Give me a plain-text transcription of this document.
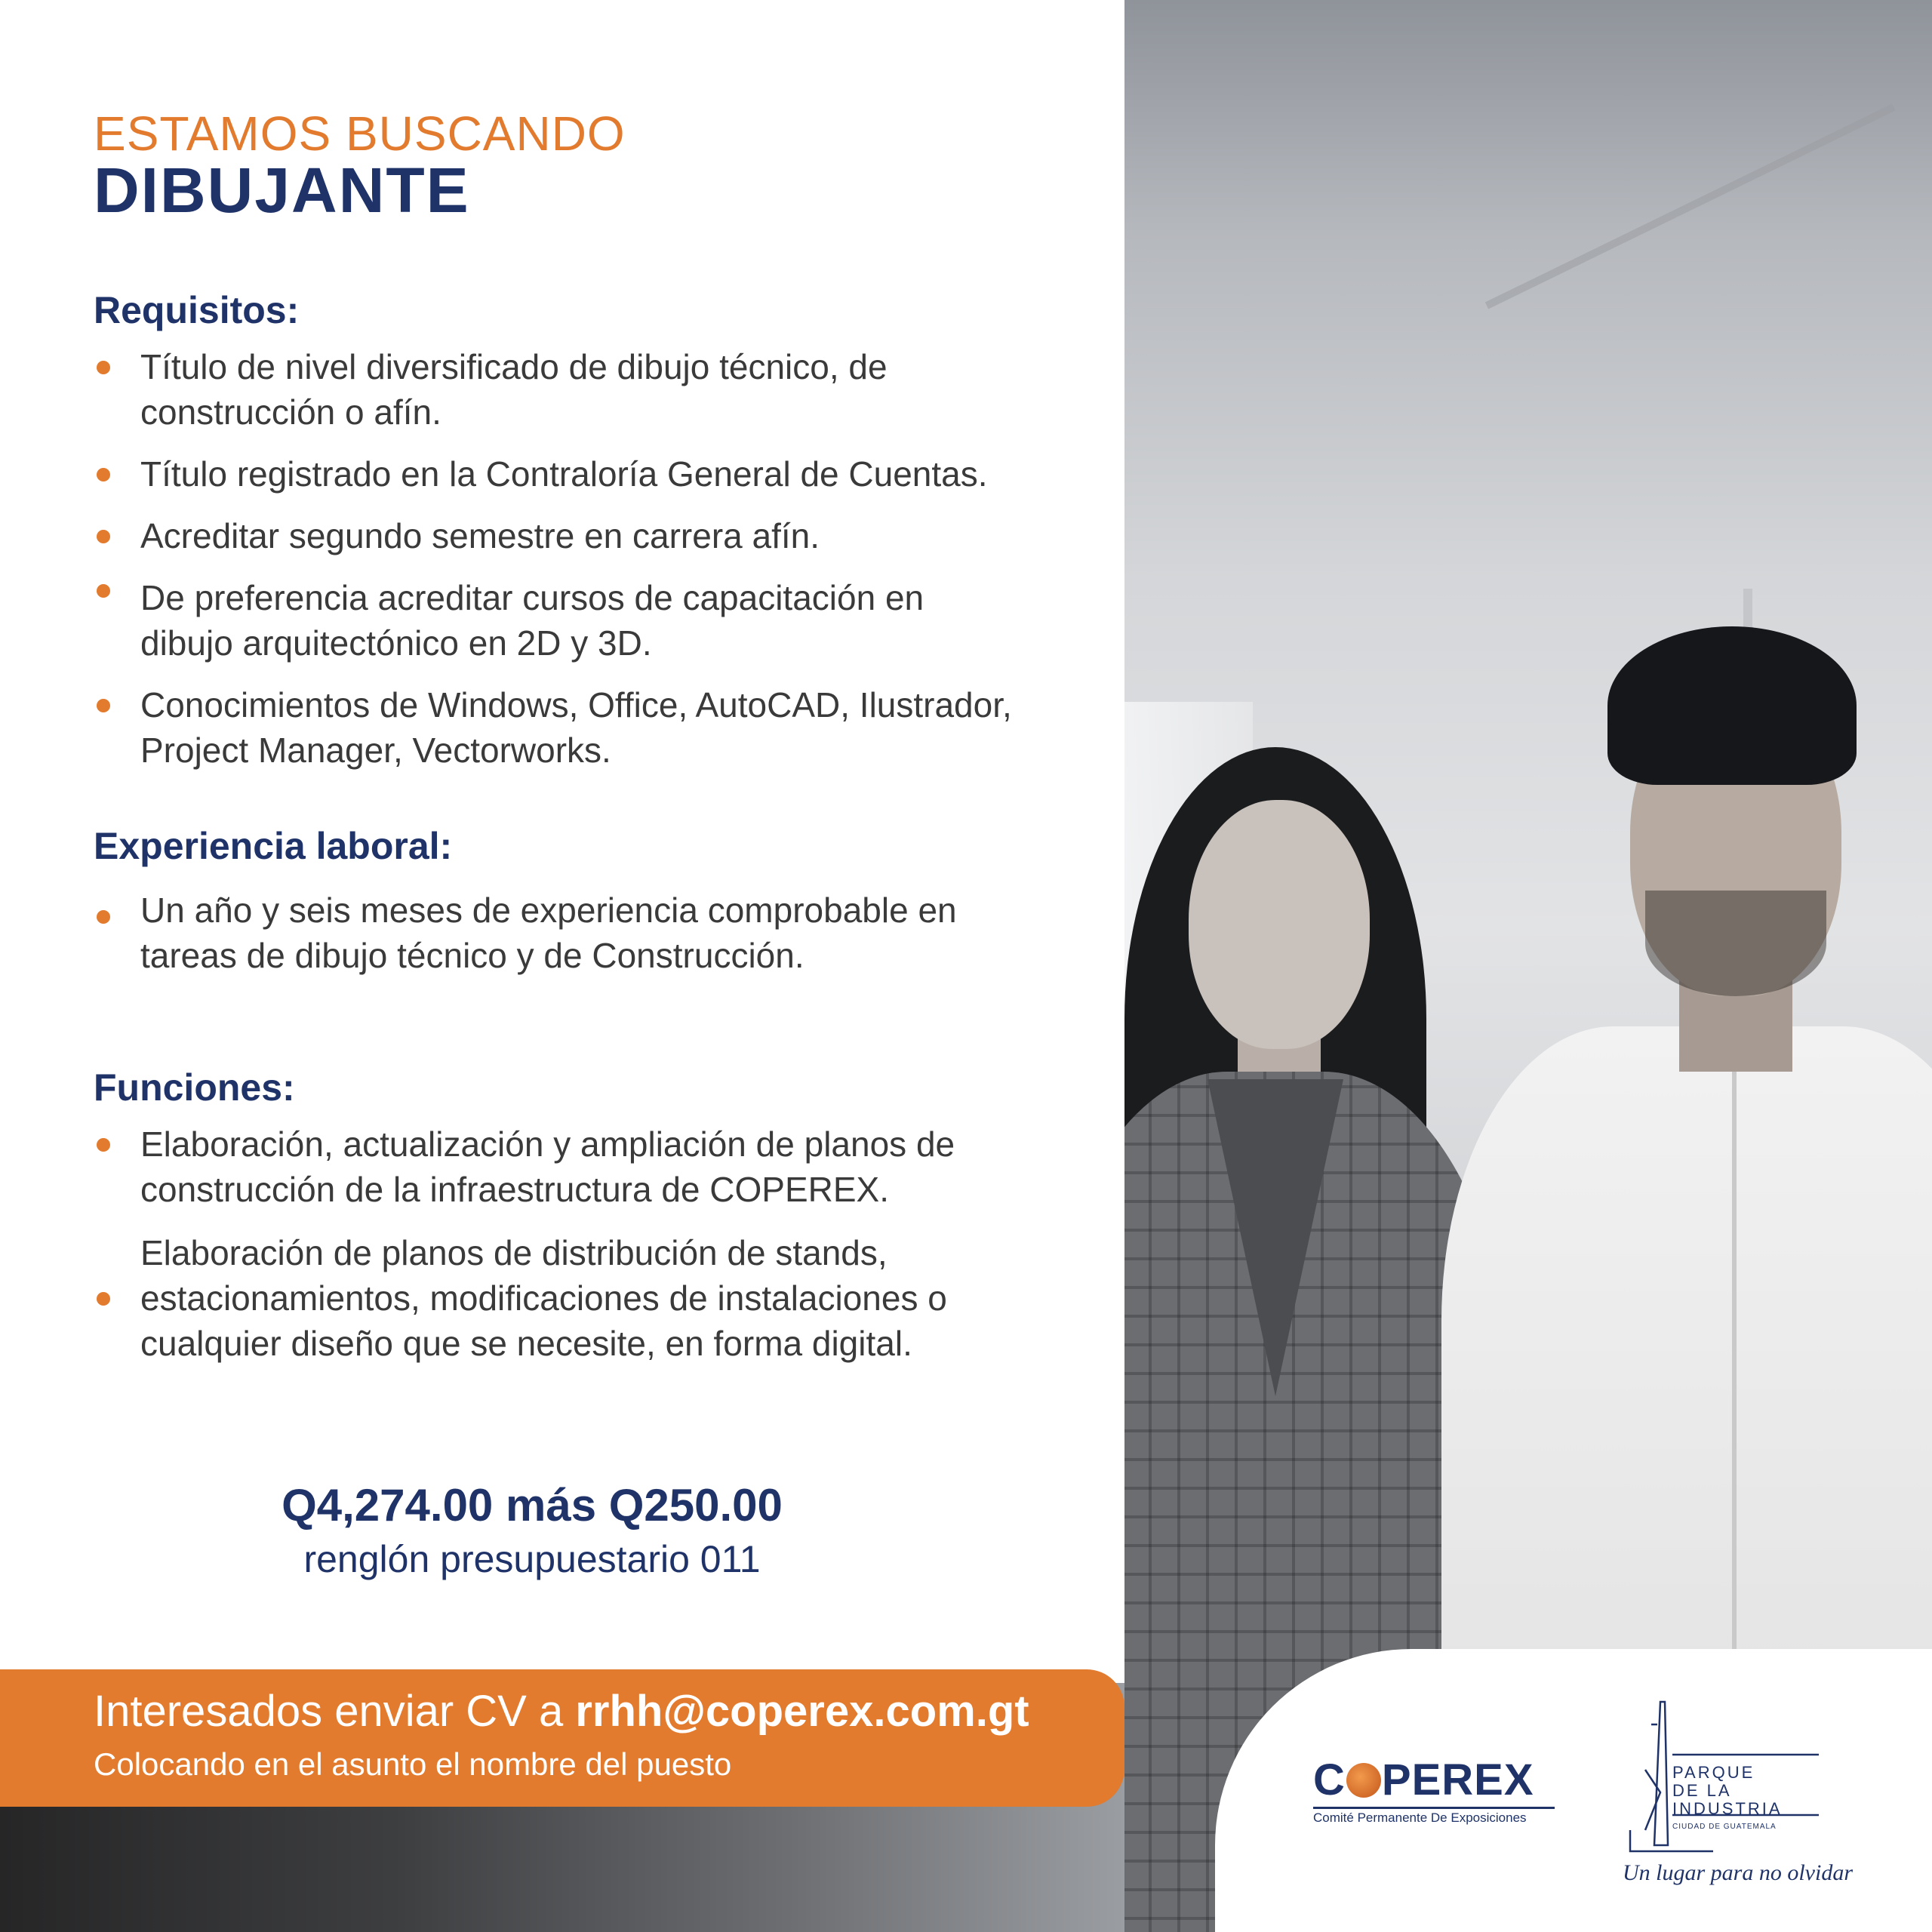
ESTAMOS BUSCANDO
DIBUJANTE
Requisitos:
Título de nivel diversificado de dibujo técnico, de construcción o afín.
Título registrado en la Contraloría General de Cuentas.
Acreditar segundo semestre en carrera afín.
De preferencia acreditar cursos de capacitación en dibujo arquitectónico en 2D y 3D.
Conocimientos de Windows, Office, AutoCAD, Ilustrador, Project Manager, Vectorworks.
Experiencia laboral:
Un año y seis meses de experiencia comprobable en tareas de dibujo técnico y de Construcción.
Funciones:
Elaboración, actualización y ampliación de planos de construcción de la infraestructura de COPEREX.
Elaboración de planos de distribución de stands, estacionamientos, modificaciones de instalaciones o cualquier diseño que se necesite, en forma digital.
Q4,274.00 más Q250.00
renglón presupuestario 011
Interesados enviar CV a rrhh@coperex.com.gt
Colocando en el asunto el nombre del puesto	C PEREX
Comité Permanente De Exposiciones
PARQUE
DE LA
INDUSTRIA
CIUDAD DE GUATEMALA
Un lugar para no olvidar
